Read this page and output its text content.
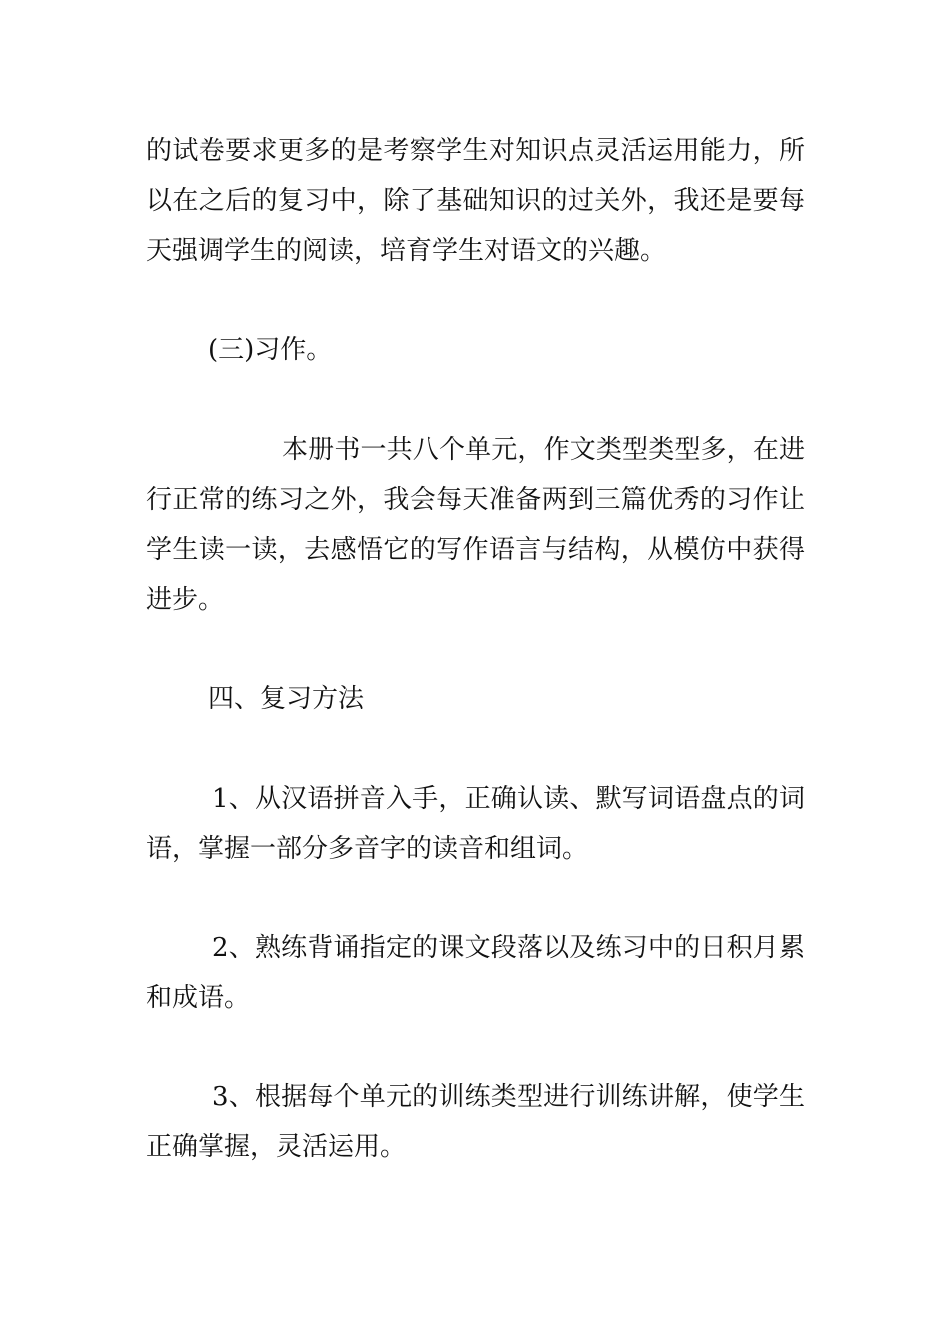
的试卷要求更多的是考察学生对知识点灵活运用能力，所
以在之后的复习中，除了基础知识的过关外，我还是要每
天强调学生的阅读，培育学生对语文的兴趣。
(三)习作。
本册书一共八个单元，作文类型类型多，在进
行正常的练习之外，我会每天准备两到三篇优秀的习作让
学生读一读，去感悟它的写作语言与结构，从模仿中获得
进步。
四、复习方法
1、从汉语拼音入手，正确认读、默写词语盘点的词
语，掌握一部分多音字的读音和组词。
2、熟练背诵指定的课文段落以及练习中的日积月累
和成语。
3、根据每个单元的训练类型进行训练讲解，使学生
正确掌握，灵活运用。
